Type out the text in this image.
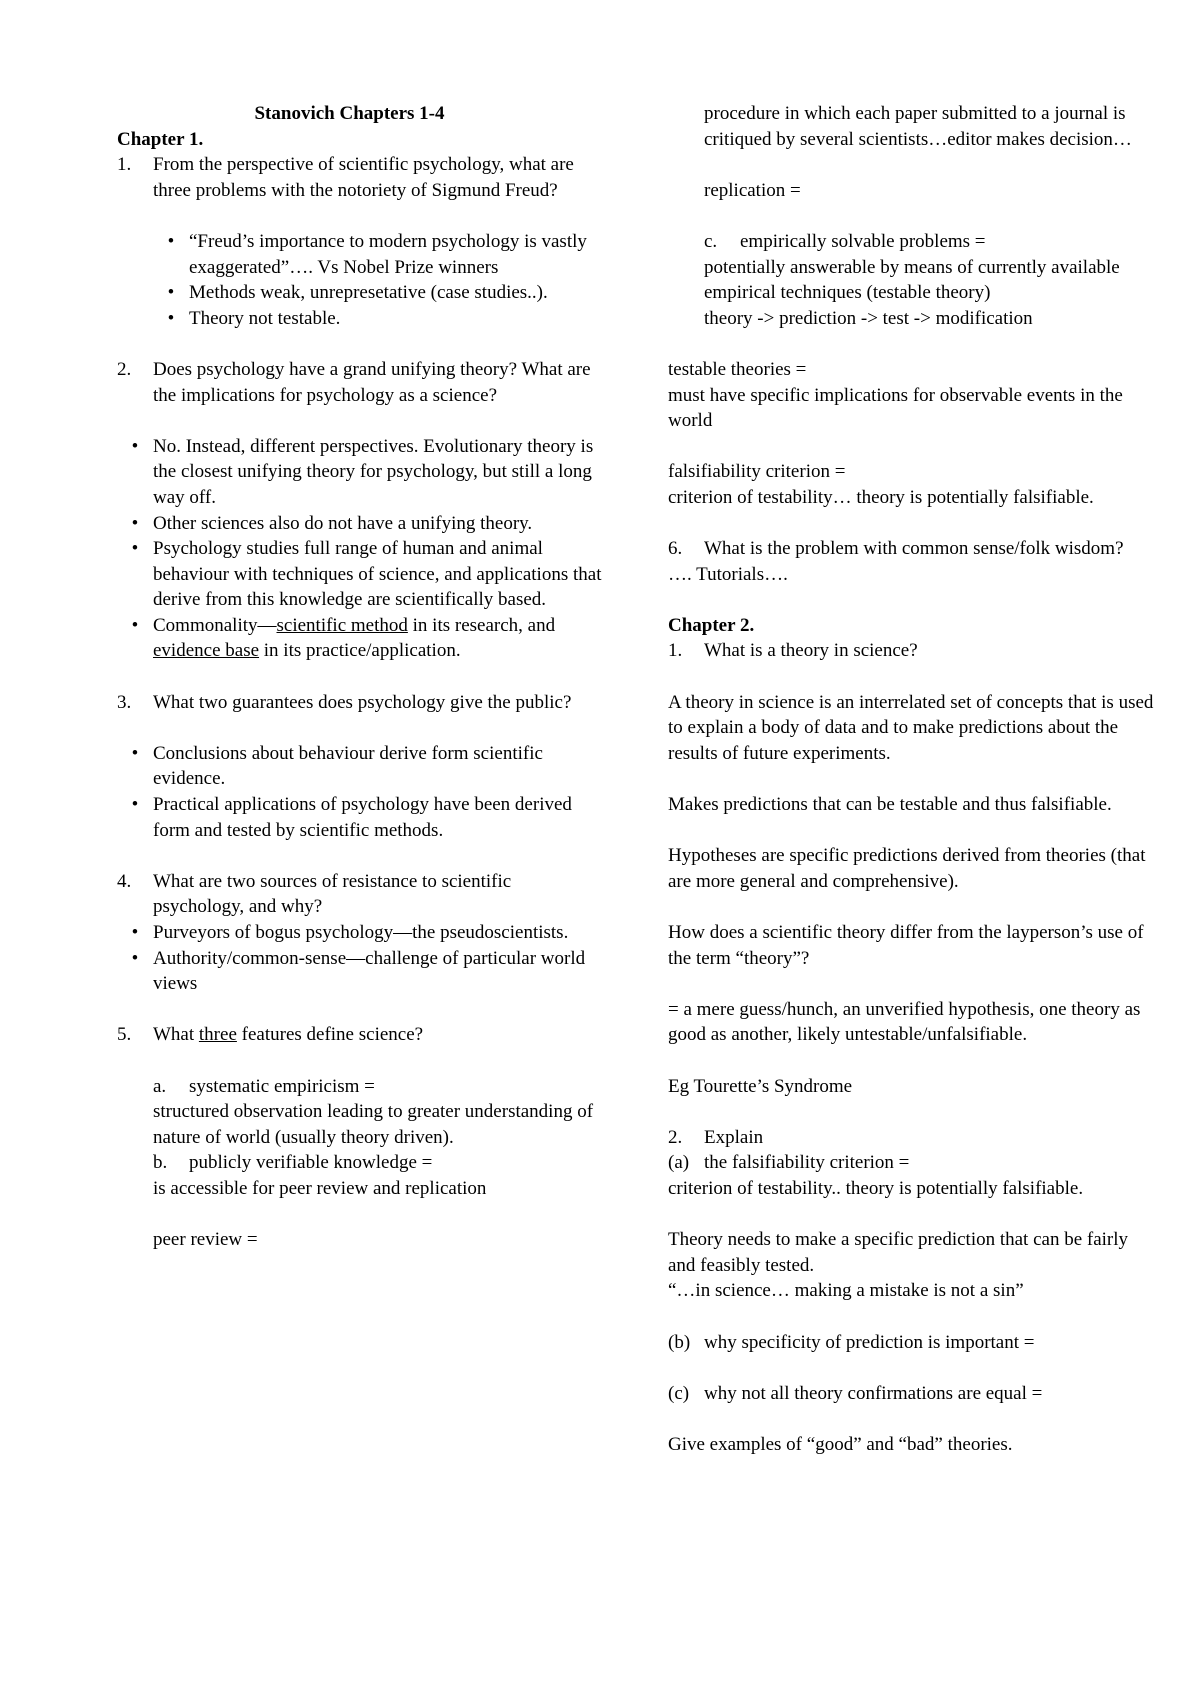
Stanovich Chapters 1-4
Chapter 1.
1.	From the perspective of scientific psychology, what are three problems with the notoriety of Sigmund Freud?
• “Freud’s importance to modern psychology is vastly exaggerated”…. Vs Nobel Prize winners
• Methods weak, unrepresetative (case studies..).
• Theory not testable.
2.	Does psychology have a grand unifying theory? What are the implications for psychology as a science?
• No. Instead, different perspectives. Evolutionary theory is the closest unifying theory for psychology, but still a long way off.
• Other sciences also do not have a unifying theory.
• Psychology studies full range of human and animal behaviour with techniques of science, and applications that derive from this knowledge are scientifically based.
• Commonality—scientific method in its research, and evidence base in its practice/application.
3.	What two guarantees does psychology give the public?
• Conclusions about behaviour derive form scientific evidence.
• Practical applications of psychology have been derived form and tested by scientific methods.
4.	What are two sources of resistance to scientific psychology, and why?
• Purveyors of bogus psychology—the pseudoscientists.
• Authority/common-sense—challenge of particular world views
5.	What three features define science?
a.	systematic empiricism =
structured observation leading to greater understanding of nature of world (usually theory driven).
b.	publicly verifiable knowledge =
is accessible for peer review and replication
peer review =
procedure in which each paper submitted to a journal is critiqued by several scientists…editor makes decision…
replication =
c.	empirically solvable problems =
potentially answerable by means of currently available empirical techniques (testable theory)
theory -> prediction -> test -> modification
testable theories =
must have specific implications for observable events in the world
falsifiability criterion =
criterion of testability… theory is potentially falsifiable.
6.	What is the problem with common sense/folk wisdom?
…. Tutorials….
Chapter 2.
1.	What is a theory in science?
A theory in science is an interrelated set of concepts that is used to explain a body of data and to make predictions about the results of future experiments.
Makes predictions that can be testable and thus falsifiable.
Hypotheses are specific predictions derived from theories (that are more general and comprehensive).
How does a scientific theory differ from the layperson’s use of the term “theory”?
= a mere guess/hunch, an unverified hypothesis, one theory as good as another, likely untestable/unfalsifiable.
Eg Tourette’s Syndrome
2.	Explain
(a) the falsifiability criterion =
criterion of testability.. theory is potentially falsifiable.
Theory needs to make a specific prediction that can be fairly and feasibly tested.
“…in science… making a mistake is not a sin”
(b) why specificity of prediction is important =
(c) why not all theory confirmations are equal =
Give examples of “good” and “bad” theories.
